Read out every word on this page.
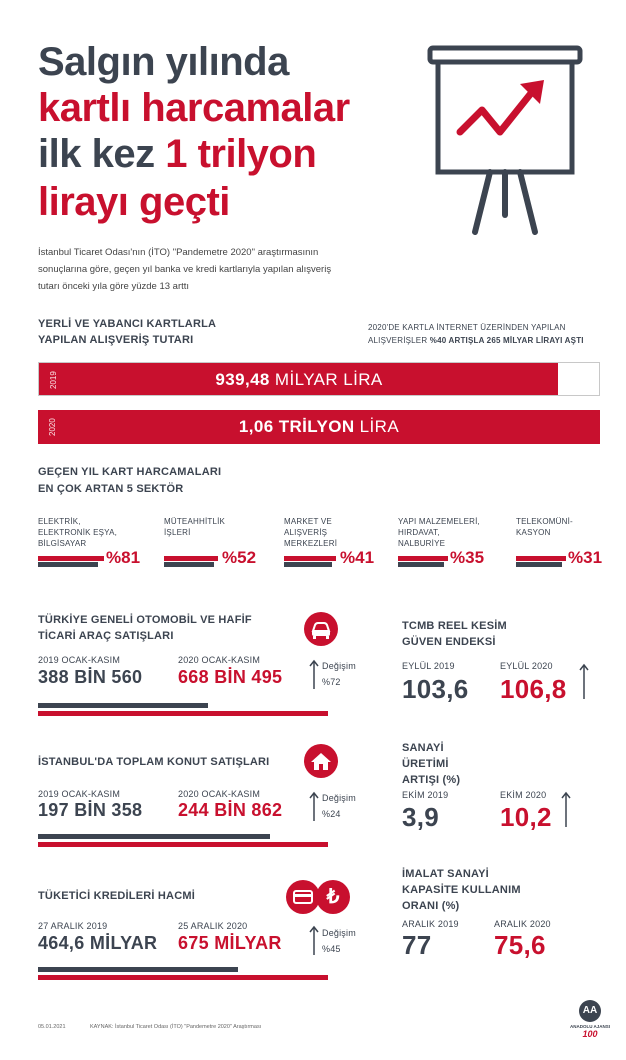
Salgın yılında
kartlı harcamalar
ilk kez 1 trilyon
lirayı geçti
İstanbul Ticaret Odası'nın (İTO) "Pandemetre 2020" araştırmasının
sonuçlarına göre, geçen yıl banka ve kredi kartlarıyla yapılan alışveriş
tutarı önceki yıla göre yüzde 13 arttı
YERLİ VE YABANCI KARTLARLA
YAPILAN ALIŞVERİŞ TUTARI
2020'DE KARTLA İNTERNET ÜZERİNDEN YAPILAN
ALIŞVERİŞLER %40 ARTIŞLA 265 MİLYAR LİRAYI AŞTI
2019	939,48 MİLYAR LİRA
2020	1,06 TRİLYON LİRA
GEÇEN YIL KART HARCAMALARI
EN ÇOK ARTAN 5 SEKTÖR
ELEKTRİK,
ELEKTRONİK EŞYA,
BİLGİSAYAR
%81
MÜTEAHHİTLİK
İŞLERİ
%52
MARKET VE
ALIŞVERİŞ
MERKEZLERİ
%41
YAPI MALZEMELERİ,
HIRDAVAT,
NALBURİYE
%35
TELEKOMÜNİ-
KASYON
%31
TÜRKİYE GENELİ OTOMOBİL VE HAFİF
TİCARİ ARAÇ SATIŞLARI
2019 OCAK-KASIM
388 BİN 560
2020 OCAK-KASIM
668 BİN 495
Değişim
%72
İSTANBUL'DA TOPLAM KONUT SATIŞLARI
2019 OCAK-KASIM
197 BİN 358
2020 OCAK-KASIM
244 BİN 862
Değişim
%24
TÜKETİCİ KREDİLERİ HACMİ	₺
27 ARALIK 2019
464,6 MİLYAR
25 ARALIK 2020
675 MİLYAR	Değişim
%45
TCMB REEL KESİM
GÜVEN ENDEKSİ
EYLÜL 2019
103,6
EYLÜL 2020
106,8
SANAYİ
ÜRETİMİ
ARTIŞI (%)
EKİM 2019
3,9
EKİM 2020
10,2
İMALAT SANAYİ
KAPASİTE KULLANIM
ORANI (%)
ARALIK 2019
77
ARALIK 2020
75,6
05.01.2021	KAYNAK: İstanbul Ticaret Odası (İTO) "Pandemetre 2020" Araştırması
AA
ANADOLU AJANSI
100
